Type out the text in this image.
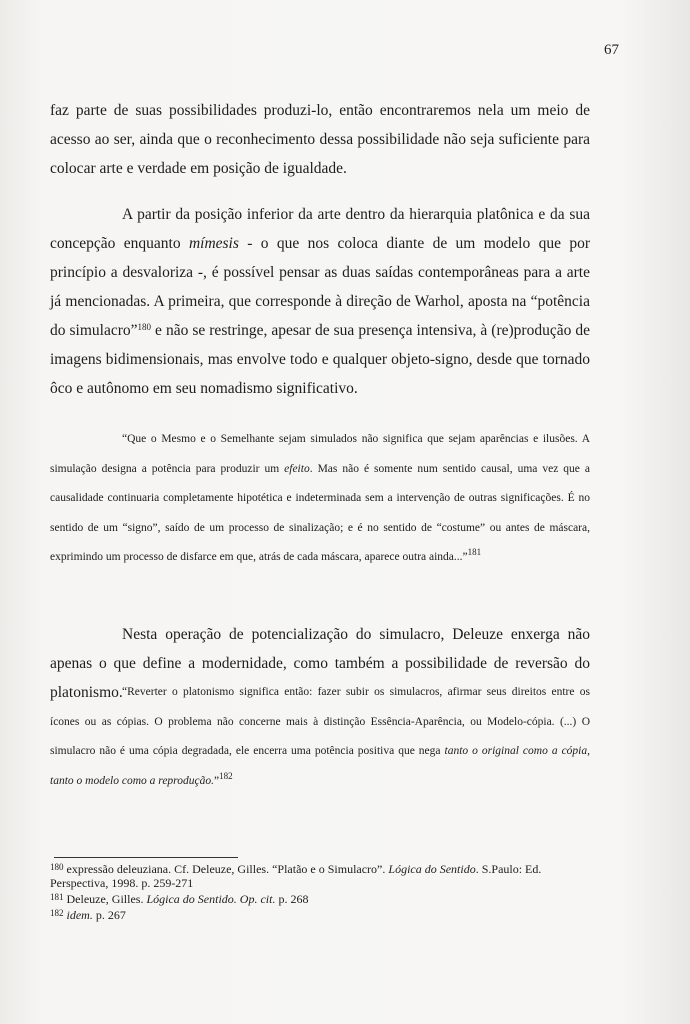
67

faz parte de suas possibilidades produzi-lo, então encontraremos nela um meio de acesso ao ser, ainda que o reconhecimento dessa possibilidade não seja suficiente para colocar arte e verdade em posição de igualdade.

A partir da posição inferior da arte dentro da hierarquia platônica e da sua concepção enquanto mímesis - o que nos coloca diante de um modelo que por princípio a desvaloriza -, é possível pensar as duas saídas contemporâneas para a arte já mencionadas. A primeira, que corresponde à direção de Warhol, aposta na “potência do simulacro”$^{180}$ e não se restringe, apesar de sua presença intensiva, à (re)produção de imagens bidimensionais, mas envolve todo e qualquer objeto-signo, desde que tornado ôco e autônomo em seu nomadismo significativo.

“Que o Mesmo e o Semelhante sejam simulados não significa que sejam aparências e ilusões. A simulação designa a potência para produzir um efeito. Mas não é somente num sentido causal, uma vez que a causalidade continuaria completamente hipotética e indeterminada sem a intervenção de outras significações. É no sentido de um “signo”, saído de um processo de sinalização; e é no sentido de “costume” ou antes de máscara, exprimindo um processo de disfarce em que, atrás de cada máscara, aparece outra ainda...”$^{181}$

Nesta operação de potencialização do simulacro, Deleuze enxerga não apenas o que define a modernidade, como também a possibilidade de reversão do platonismo. “Reverter o platonismo significa então: fazer subir os simulacros, afirmar seus direitos entre os ícones ou as cópias. O problema não concerne mais à distinção Essência-Aparência, ou Modelo-cópia. (...) O simulacro não é uma cópia degradada, ele encerra uma potência positiva que nega tanto o original como a cópia, tanto o modelo como a reprodução.”$^{182}$

$^{180}$ expressão deleuziana. Cf. Deleuze, Gilles. “Platão e o Simulacro”. Lógica do Sentido. S.Paulo: Ed. Perspectiva, 1998. p. 259-271

$^{181}$ Deleuze, Gilles. Lógica do Sentido. Op. cit. p. 268

$^{182}$ idem. p. 267
